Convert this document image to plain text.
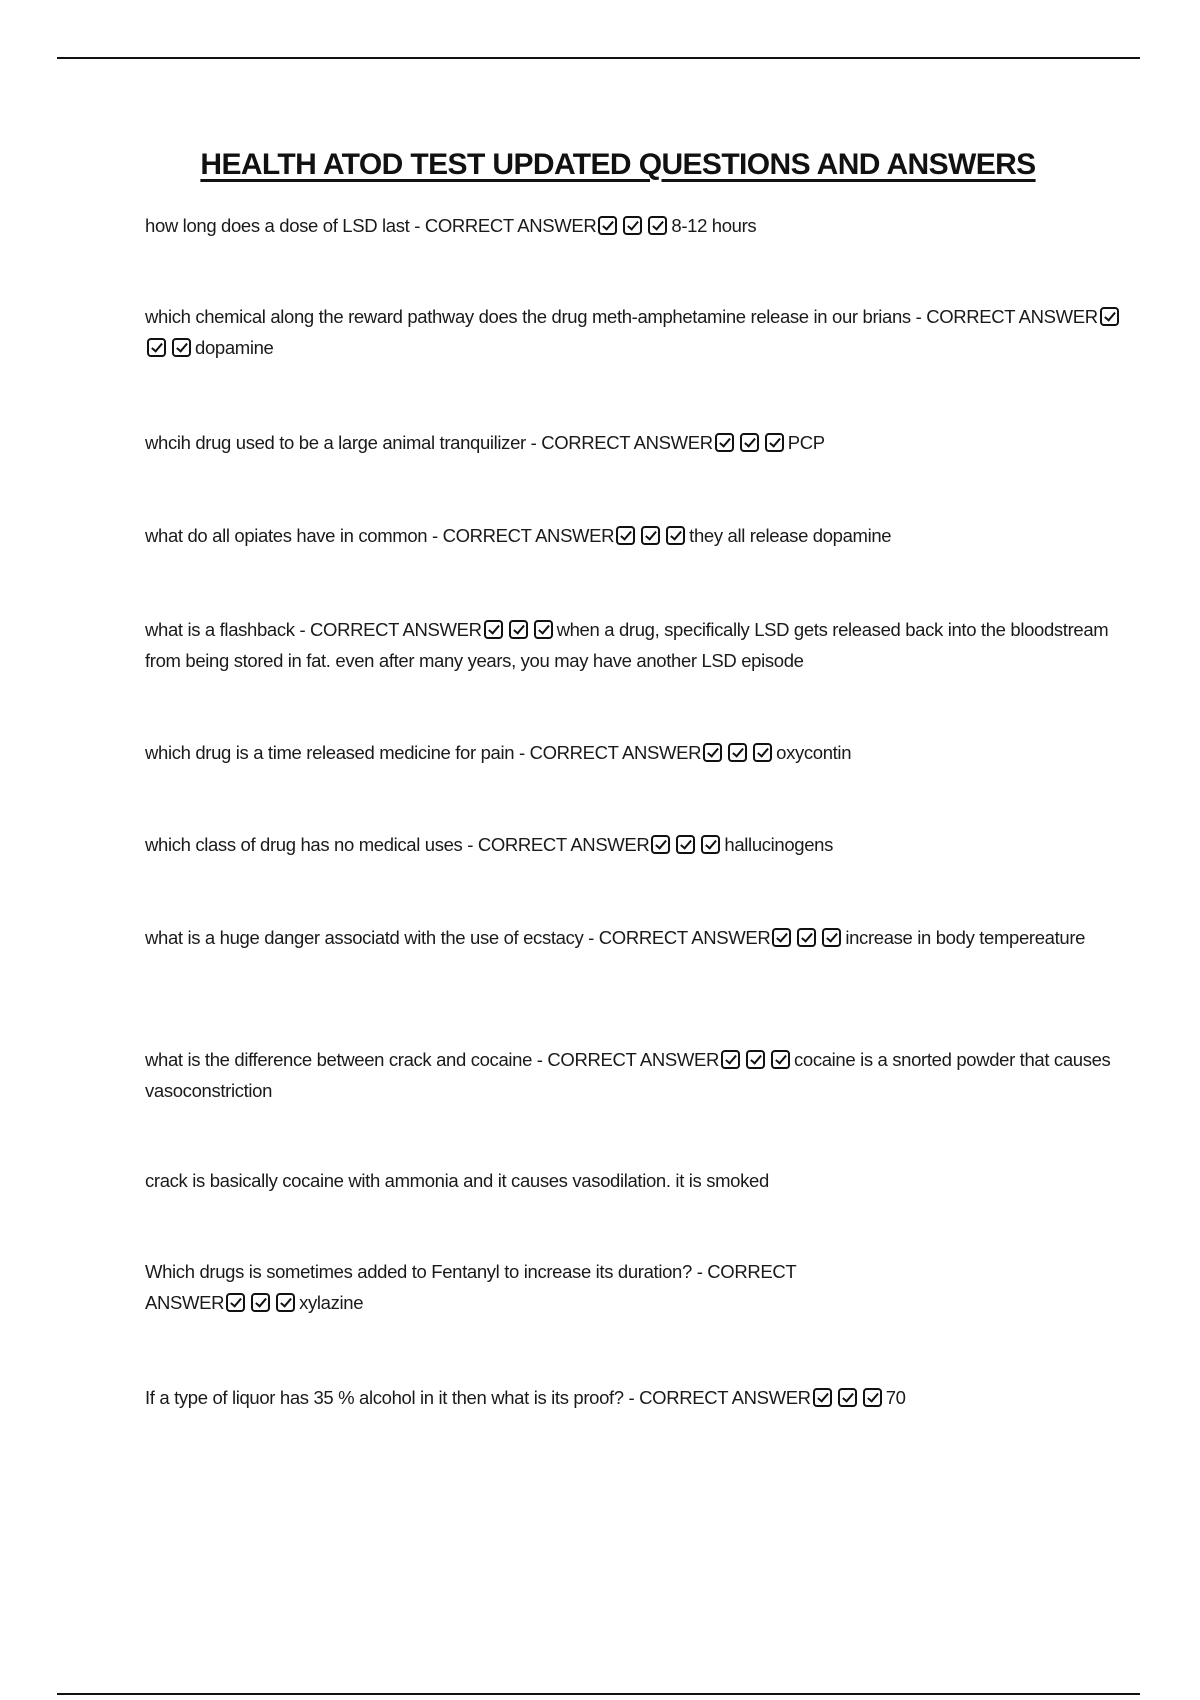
HEALTH ATOD TEST UPDATED QUESTIONS AND ANSWERS
how long does a dose of LSD last - CORRECT ANSWER	8-12 hours
which chemical along the reward pathway does the drug meth-amphetamine release in our brians - CORRECT ANSWERdopamine
whcih drug used to be a large animal tranquilizer - CORRECT ANSWER	PCP
what do all opiates have in common - CORRECT ANSWER	they all release dopamine
what is a flashback - CORRECT ANSWER	when a drug, specifically LSD gets released back into the bloodstream from being stored in fat. even after many years, you may have another LSD episode
which drug is a time released medicine for pain - CORRECT ANSWER	oxycontin
which class of drug has no medical uses - CORRECT ANSWER	hallucinogens
what is a huge danger associatd with the use of ecstacy - CORRECT ANSWER	increase in body tempereature
what is the difference between crack and cocaine - CORRECT ANSWER	cocaine is a snorted powder that causes vasoconstriction
crack is basically cocaine with ammonia and it causes vasodilation. it is smoked
Which drugs is sometimes added to Fentanyl to increase its duration? - CORRECT
ANSWER	xylazine
If a type of liquor has 35 % alcohol in it then what is its proof? - CORRECT ANSWER	70
